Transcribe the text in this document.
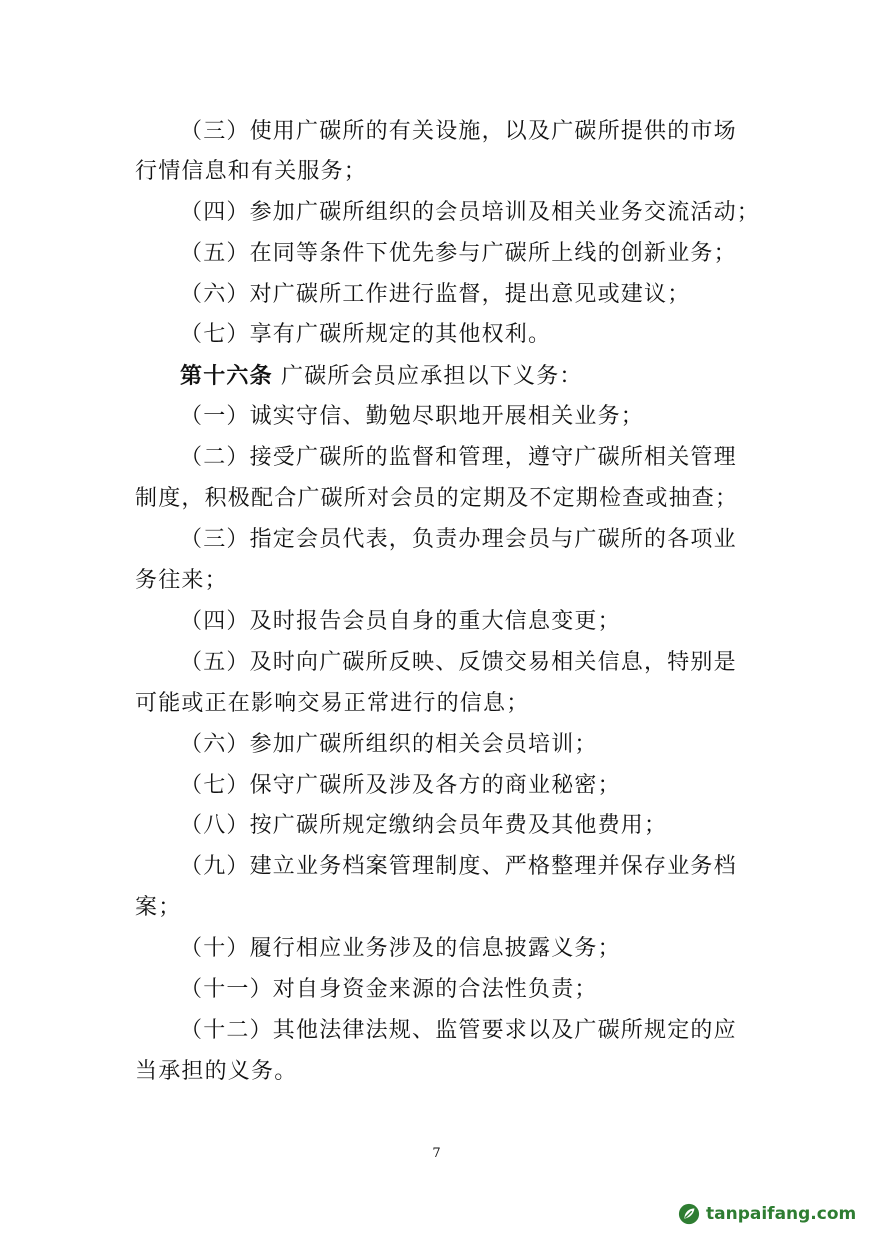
（三）使用广碳所的有关设施，以及广碳所提供的市场
行情信息和有关服务；
（四）参加广碳所组织的会员培训及相关业务交流活动；
（五）在同等条件下优先参与广碳所上线的创新业务；
（六）对广碳所工作进行监督，提出意见或建议；
（七）享有广碳所规定的其他权利。
第十六条 广碳所会员应承担以下义务：
（一）诚实守信、勤勉尽职地开展相关业务；
（二）接受广碳所的监督和管理，遵守广碳所相关管理
制度，积极配合广碳所对会员的定期及不定期检查或抽查；
（三）指定会员代表，负责办理会员与广碳所的各项业
务往来；
（四）及时报告会员自身的重大信息变更；
（五）及时向广碳所反映、反馈交易相关信息，特别是
可能或正在影响交易正常进行的信息；
（六）参加广碳所组织的相关会员培训；
（七）保守广碳所及涉及各方的商业秘密；
（八）按广碳所规定缴纳会员年费及其他费用；
（九）建立业务档案管理制度、严格整理并保存业务档
案；
（十）履行相应业务涉及的信息披露义务；
（十一）对自身资金来源的合法性负责；
（十二）其他法律法规、监管要求以及广碳所规定的应
当承担的义务。
7
tanpaifang.com
